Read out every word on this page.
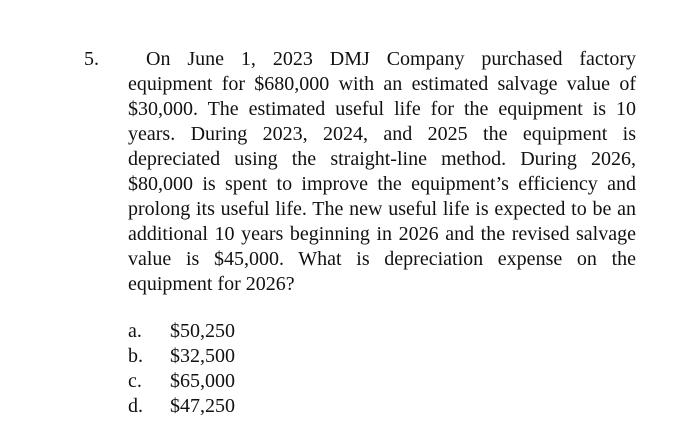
5.	On June 1, 2023 DMJ Company purchased factory equipment for $680,000 with an estimated salvage value of $30,000. The estimated useful life for the equipment is 10 years. During 2023, 2024, and 2025 the equipment is depreciated using the straight-line method. During 2026, $80,000 is spent to improve the equipment’s efficiency and prolong its useful life. The new useful life is expected to be an additional 10 years beginning in 2026 and the revised salvage value is $45,000. What is depreciation expense on the equipment for 2026?

a.	$50,250
b.	$32,500
c.	$65,000
d.	$47,250
